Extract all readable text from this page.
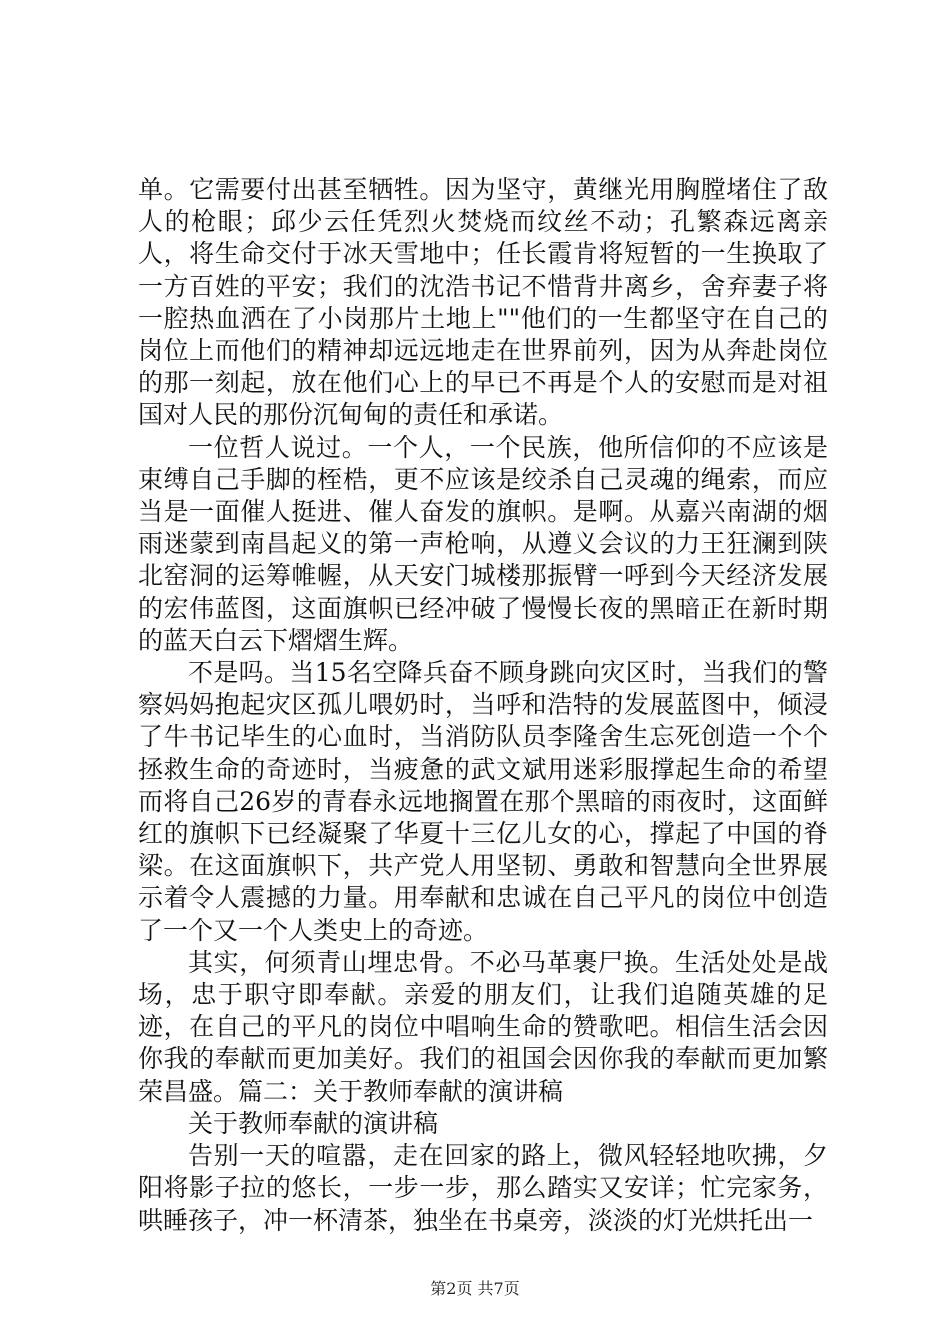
单。它需要付出甚至牺牲。因为坚守，黄继光用胸膛堵住了敌人的枪眼；邱少云任凭烈火焚烧而纹丝不动；孔繁森远离亲人，将生命交付于冰天雪地中；任长霞肯将短暂的一生换取了一方百姓的平安；我们的沈浩书记不惜背井离乡，舍弃妻子将一腔热血洒在了小岗那片土地上""他们的一生都坚守在自己的岗位上而他们的精神却远远地走在世界前列，因为从奔赴岗位的那一刻起，放在他们心上的早已不再是个人的安慰而是对祖国对人民的那份沉甸甸的责任和承诺。

一位哲人说过。一个人，一个民族，他所信仰的不应该是束缚自己手脚的桎梏，更不应该是绞杀自己灵魂的绳索，而应当是一面催人挺进、催人奋发的旗帜。是啊。从嘉兴南湖的烟雨迷蒙到南昌起义的第一声枪响，从遵义会议的力王狂澜到陕北窑洞的运筹帷幄，从天安门城楼那振臂一呼到今天经济发展的宏伟蓝图，这面旗帜已经冲破了慢慢长夜的黑暗正在新时期的蓝天白云下熠熠生辉。

不是吗。当15名空降兵奋不顾身跳向灾区时，当我们的警察妈妈抱起灾区孤儿喂奶时，当呼和浩特的发展蓝图中，倾浸了牛书记毕生的心血时，当消防队员李隆舍生忘死创造一个个拯救生命的奇迹时，当疲惫的武文斌用迷彩服撑起生命的希望而将自己26岁的青春永远地搁置在那个黑暗的雨夜时，这面鲜红的旗帜下已经凝聚了华夏十三亿儿女的心，撑起了中国的脊梁。在这面旗帜下，共产党人用坚韧、勇敢和智慧向全世界展示着令人震撼的力量。用奉献和忠诚在自己平凡的岗位中创造了一个又一个人类史上的奇迹。

其实，何须青山埋忠骨。不必马革裹尸换。生活处处是战场，忠于职守即奉献。亲爱的朋友们，让我们追随英雄的足迹，在自己的平凡的岗位中唱响生命的赞歌吧。相信生活会因你我的奉献而更加美好。我们的祖国会因你我的奉献而更加繁荣昌盛。篇二：关于教师奉献的演讲稿

关于教师奉献的演讲稿

告别一天的喧嚣，走在回家的路上，微风轻轻地吹拂，夕阳将影子拉的悠长，一步一步，那么踏实又安详；忙完家务，哄睡孩子，冲一杯清茶，独坐在书桌旁，淡淡的灯光烘托出一

第2页 共7页
